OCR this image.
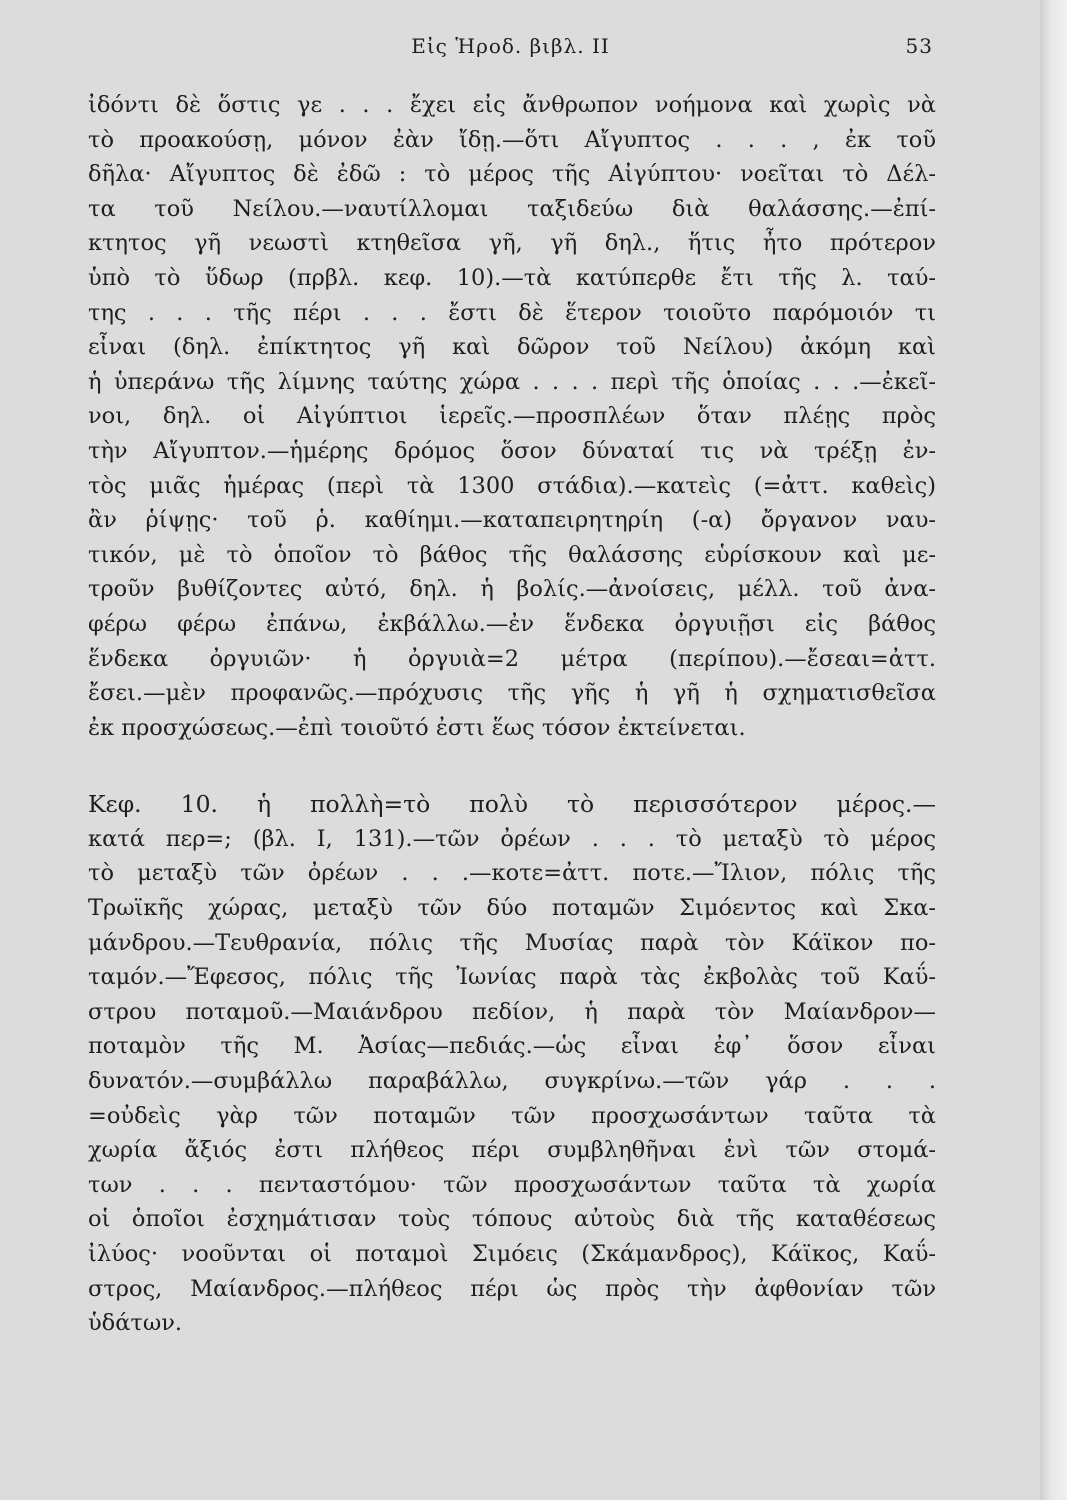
Εἰς Ἡροδ. βιβλ. II	53
ἰδόντι δὲ ὅστις γε . . . ἔχει εἰς ἄνθρωπον νοήμονα καὶ χωρὶς νὰ
τὸ προακούσῃ, μόνον ἐὰν ἴδῃ.—ὅτι Αἴγυπτος . . . , ἐκ τοῦ
δῆλα· Αἴγυπτος δὲ ἐδῶ : τὸ μέρος τῆς Αἰγύπτου· νοεῖται τὸ Δέλ-
τα τοῦ Νείλου.—ναυτίλλομαι ταξιδεύω διὰ θαλάσσης.—ἐπί-
κτητος γῆ νεωστὶ κτηθεῖσα γῆ, γῆ δηλ., ἥτις ἦτο πρότερον
ὑπὸ τὸ ὕδωρ (πρβλ. κεφ. 10).—τὰ κατύπερθε ἔτι τῆς λ. ταύ-
της . . . τῆς πέρι . . . ἔστι δὲ ἕτερον τοιοῦτο παρόμοιόν τι
εἶναι (δηλ. ἐπίκτητος γῆ καὶ δῶρον τοῦ Νείλου) ἀκόμη καὶ
ἡ ὑπεράνω τῆς λίμνης ταύτης χώρα . . . . περὶ τῆς ὁποίας . . .—ἐκεῖ-
νοι, δηλ. οἱ Αἰγύπτιοι ἱερεῖς.—προσπλέων ὅταν πλέῃς πρὸς
τὴν Αἴγυπτον.—ἡμέρης δρόμος ὅσον δύναταί τις νὰ τρέξῃ ἐν-
τὸς μιᾶς ἡμέρας (περὶ τὰ 1300 στάδια).—κατεὶς (=ἀττ. καθεὶς)
ἂν ῥίψῃς· τοῦ ῥ. καθίημι.—καταπειρητηρίη (-α) ὄργανον ναυ-
τικόν, μὲ τὸ ὁποῖον τὸ βάθος τῆς θαλάσσης εὑρίσκουν καὶ με-
τροῦν βυθίζοντες αὐτό, δηλ. ἡ βολίς.—ἀνοίσεις, μέλλ. τοῦ ἀνα-
φέρω φέρω ἐπάνω, ἐκβάλλω.—ἐν ἕνδεκα ὀργυιῇσι εἰς βάθος
ἕνδεκα ὀργυιῶν· ἡ ὀργυιὰ=2 μέτρα (περίπου).—ἔσεαι=ἀττ.
ἔσει.—μὲν προφανῶς.—πρόχυσις τῆς γῆς ἡ γῆ ἡ σχηματισθεῖσα
ἐκ προσχώσεως.—ἐπὶ τοιοῦτό ἐστι ἕως τόσον ἐκτείνεται.
Κεφ. 10. ἡ πολλὴ=τὸ πολὺ τὸ περισσότερον μέρος.—
κατά περ=; (βλ. I, 131).—τῶν ὀρέων . . . τὸ μεταξὺ τὸ μέρος
τὸ μεταξὺ τῶν ὀρέων . . .—κοτε=ἀττ. ποτε.—Ἴλιον, πόλις τῆς
Τρωϊκῆς χώρας, μεταξὺ τῶν δύο ποταμῶν Σιμόεντος καὶ Σκα-
μάνδρου.—Τευθρανία, πόλις τῆς Μυσίας παρὰ τὸν Κάϊκον πο-
ταμόν.—Ἔφεσος, πόλις τῆς Ἰωνίας παρὰ τὰς ἐκβολὰς τοῦ Καΰ-
στρου ποταμοῦ.—Μαιάνδρου πεδίον, ἡ παρὰ τὸν Μαίανδρον—
ποταμὸν τῆς Μ. Ἀσίας—πεδιάς.—ὡς εἶναι ἐφ᾿ ὅσον εἶναι
δυνατόν.—συμβάλλω παραβάλλω, συγκρίνω.—τῶν γάρ . . .
=οὐδεὶς γὰρ τῶν ποταμῶν τῶν προσχωσάντων ταῦτα τὰ
χωρία ἄξιός ἐστι πλήθεος πέρι συμβληθῆναι ἑνὶ τῶν στομά-
των . . . πενταστόμου· τῶν προσχωσάντων ταῦτα τὰ χωρία
οἱ ὁποῖοι ἐσχημάτισαν τοὺς τόπους αὐτοὺς διὰ τῆς καταθέσεως
ἰλύος· νοοῦνται οἱ ποταμοὶ Σιμόεις (Σκάμανδρος), Κάϊκος, Καΰ-
στρος, Μαίανδρος.—πλήθεος πέρι ὡς πρὸς τὴν ἀφθονίαν τῶν
ὑδάτων.
